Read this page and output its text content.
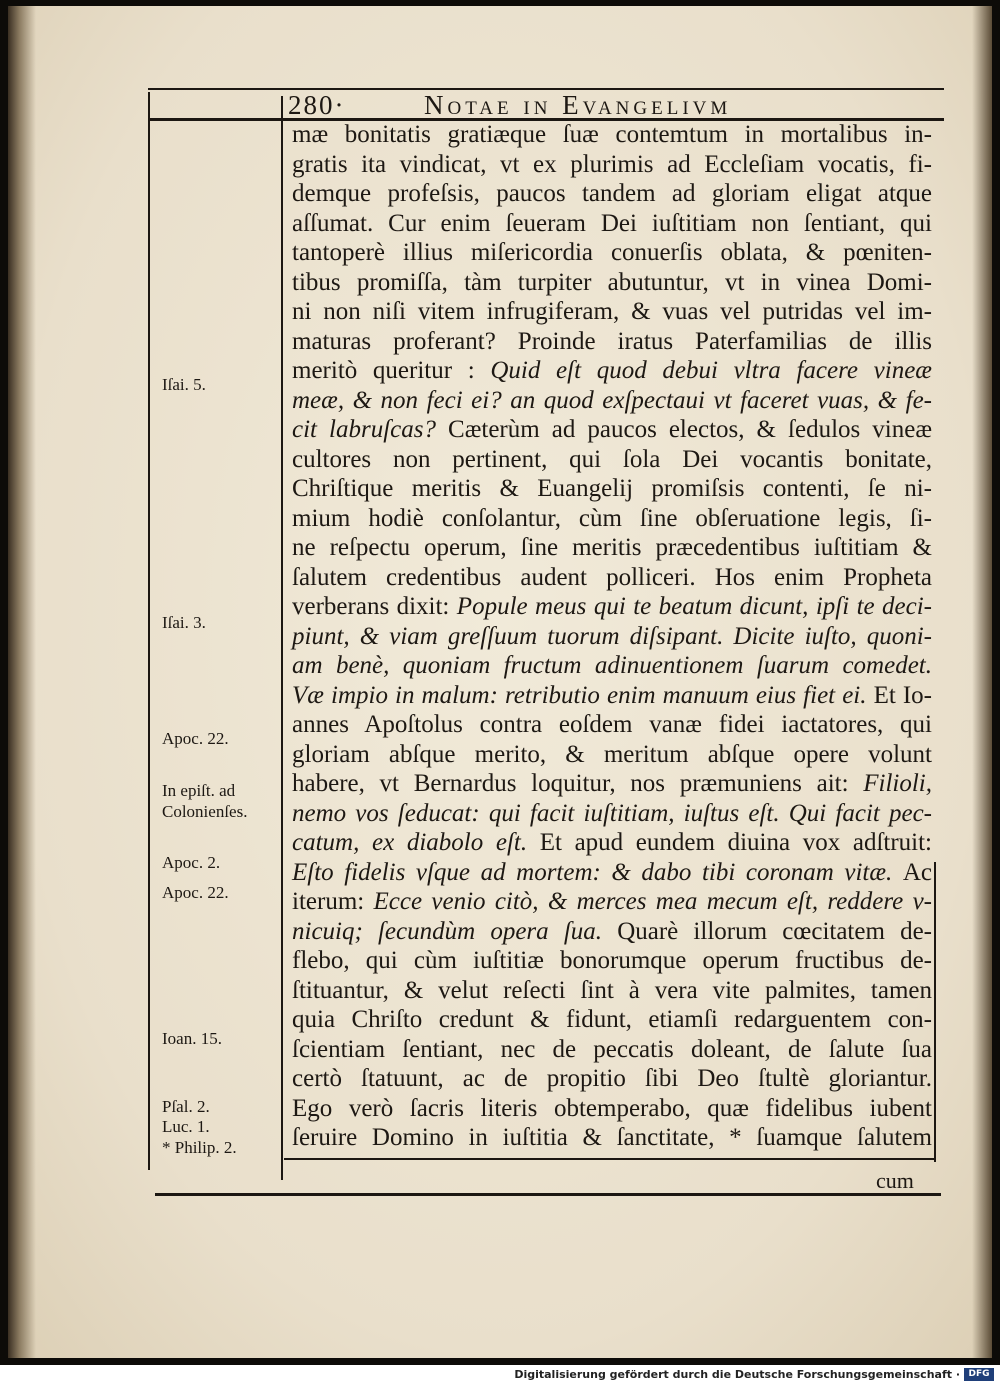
280·	Notae in Evangelivm
mæ bonitatis gratiæque ſuæ contemtum in mortalibus in-
gratis ita vindicat, vt ex plurimis ad Eccleſiam vocatis, fi-
demque profeſsis, paucos tandem ad gloriam eligat atque
aſſumat. Cur enim ſeueram Dei iuſtitiam non ſentiant, qui
tantoperè illius miſericordia conuerſis oblata, & pœniten-
tibus promiſſa, tàm turpiter abutuntur, vt in vinea Domi-
ni non niſi vitem infrugiferam, & vuas vel putridas vel im-
maturas proferant? Proinde iratus Paterfamilias de illis
meritò queritur : Quid eſt quod debui vltra facere vineæ
meæ, & non feci ei? an quod exſpectaui vt faceret vuas, & fe-
cit labruſcas? Cæterùm ad paucos electos, & ſedulos vineæ
cultores non pertinent, qui ſola Dei vocantis bonitate,
Chriſtique meritis & Euangelij promiſsis contenti, ſe ni-
mium hodiè conſolantur, cùm ſine obſeruatione legis, ſi-
ne reſpectu operum, ſine meritis præcedentibus iuſtitiam &
ſalutem credentibus audent polliceri. Hos enim Propheta
verberans dixit: Popule meus qui te beatum dicunt, ipſi te deci-
piunt, & viam greſſuum tuorum diſsipant. Dicite iuſto, quoni-
am benè, quoniam fructum adinuentionem ſuarum comedet.
Væ impio in malum: retributio enim manuum eius fiet ei. Et Io-
annes Apoſtolus contra eoſdem vanæ fidei iactatores, qui
gloriam abſque merito, & meritum abſque opere volunt
habere, vt Bernardus loquitur, nos præmuniens ait: Filioli,
nemo vos ſeducat: qui facit iuſtitiam, iuſtus eſt. Qui facit pec-
catum, ex diabolo eſt. Et apud eundem diuina vox adſtruit:
Eſto fidelis vſque ad mortem: & dabo tibi coronam vitæ. Ac
iterum: Ecce venio citò, & merces mea mecum eſt, reddere v-
nicuiq; ſecundùm opera ſua. Quarè illorum cœcitatem de-
flebo, qui cùm iuſtitiæ bonorumque operum fructibus de-
ſtituantur, & velut reſecti ſint à vera vite palmites, tamen
quia Chriſto credunt & fidunt, etiamſi redarguentem con-
ſcientiam ſentiant, nec de peccatis doleant, de ſalute ſua
certò ſtatuunt, ac de propitio ſibi Deo ſtultè gloriantur.
Ego verò ſacris literis obtemperabo, quæ fidelibus iubent
ſeruire Domino in iuſtitia & ſanctitate, * ſuamque ſalutem
Iſai. 5.
Iſai. 3.
Apoc. 22.
In epiſt. ad
Colonienſes.
Apoc. 2.
Apoc. 22.
Ioan. 15.
Pſal. 2.
Luc. 1.
* Philip. 2.
cum
Digitalisierung gefördert durch die Deutsche Forschungsgemeinschaft · DFG
